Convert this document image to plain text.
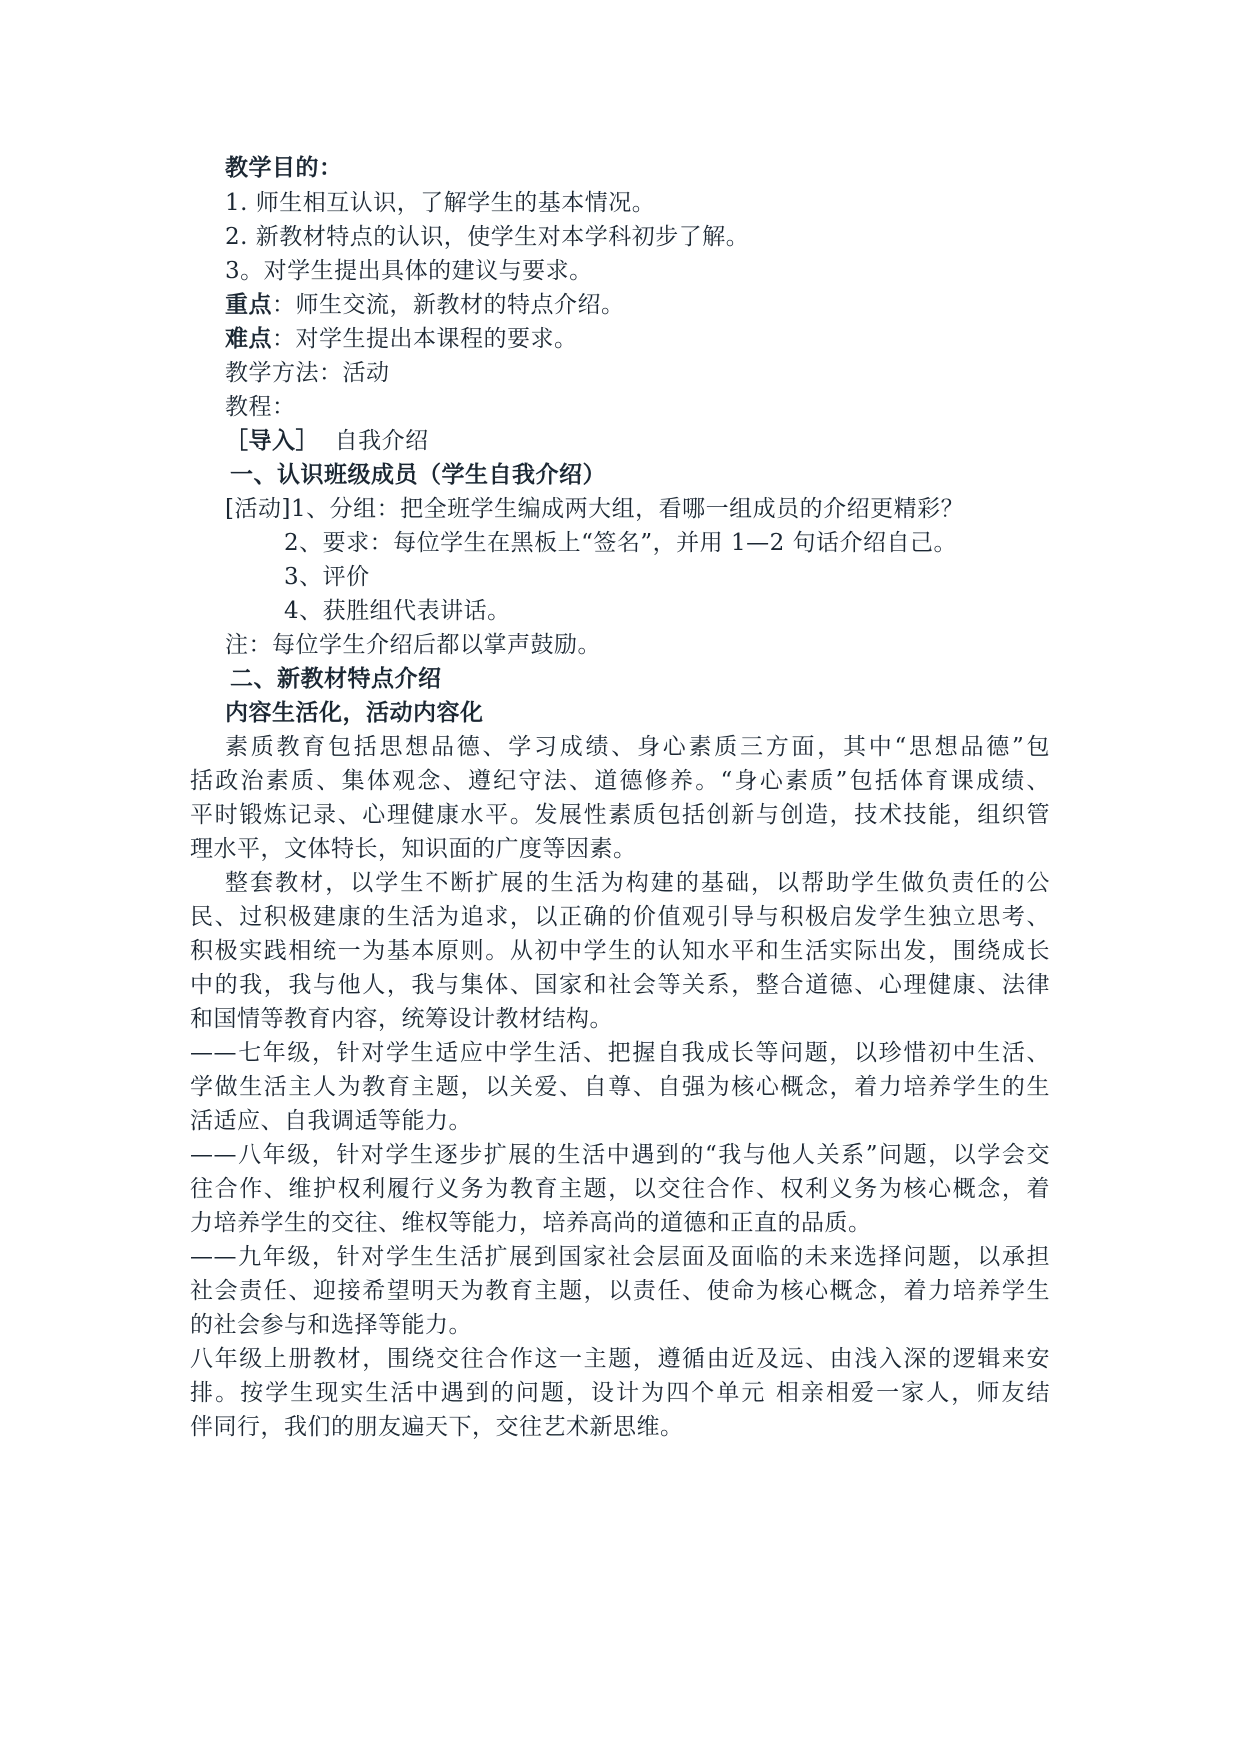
教学目的：
1. 师生相互认识，了解学生的基本情况。
2. 新教材特点的认识，使学生对本学科初步了解。
3。对学生提出具体的建议与要求。
重点：师生交流，新教材的特点介绍。
难点：对学生提出本课程的要求。
教学方法：活动
教程：
［导入］  自我介绍
一、认识班级成员（学生自我介绍）
[活动]1、分组：把全班学生编成两大组，看哪一组成员的介绍更精彩？
2、要求：每位学生在黑板上“签名”，并用 1—2 句话介绍自己。
3、评价
4、获胜组代表讲话。
注：每位学生介绍后都以掌声鼓励。
二、新教材特点介绍
内容生活化，活动内容化
素质教育包括思想品德、学习成绩、身心素质三方面，其中“思想品德”包
括政治素质、集体观念、遵纪守法、道德修养。“身心素质”包括体育课成绩、
平时锻炼记录、心理健康水平。发展性素质包括创新与创造，技术技能，组织管
理水平，文体特长，知识面的广度等因素。
整套教材，以学生不断扩展的生活为构建的基础，以帮助学生做负责任的公
民、过积极建康的生活为追求，以正确的价值观引导与积极启发学生独立思考、
积极实践相统一为基本原则。从初中学生的认知水平和生活实际出发，围绕成长
中的我，我与他人，我与集体、国家和社会等关系，整合道德、心理健康、法律
和国情等教育内容，统筹设计教材结构。
——七年级，针对学生适应中学生活、把握自我成长等问题，以珍惜初中生活、
学做生活主人为教育主题，以关爱、自尊、自强为核心概念，着力培养学生的生
活适应、自我调适等能力。
——八年级，针对学生逐步扩展的生活中遇到的“我与他人关系”问题，以学会交
往合作、维护权利履行义务为教育主题，以交往合作、权利义务为核心概念，着
力培养学生的交往、维权等能力，培养高尚的道德和正直的品质。
——九年级，针对学生生活扩展到国家社会层面及面临的未来选择问题，以承担
社会责任、迎接希望明天为教育主题，以责任、使命为核心概念，着力培养学生
的社会参与和选择等能力。
八年级上册教材，围绕交往合作这一主题，遵循由近及远、由浅入深的逻辑来安
排。按学生现实生活中遇到的问题，设计为四个单元 相亲相爱一家人，师友结
伴同行，我们的朋友遍天下，交往艺术新思维。
